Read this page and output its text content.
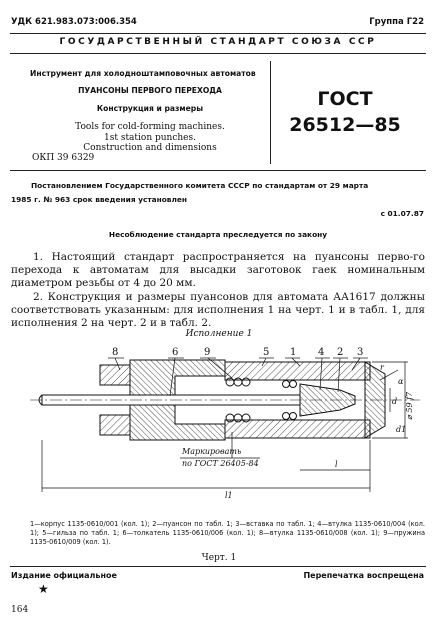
УДК 621.983.073:006.354	Группа Г22
ГОСУДАРСТВЕННЫЙ СТАНДАРТ СОЮЗА ССР
Инструмент для холодноштамповочных автоматов
ПУАНСОНЫ ПЕРВОГО ПЕРЕХОДА
Конструкция и размеры
Tools for cold-forming machines.
1st station punches.
Construction and dimensions
ГОСТ
26512—85
ОКП 39 6329
Постановлением Государственного комитета СССР по стандартам от 29 марта
1985 г. № 963 срок введения установлен
с 01.07.87
Несоблюдение стандарта преследуется по закону
1. Настоящий стандарт распространяется на пуансоны перво-го перехода к автоматам для высадки заготовок гаек номинальным диаметром резьбы от 4 до 20 мм.
2. Конструкция и размеры пуансонов для автомата АА1617 должны соответствовать указанным: для исполнения 1 на черт. 1 и в табл. 1, для исполнения 2 на черт. 2 и в табл. 2.
Исполнение 1
8	6	9	5 1 4 2 3
Маркировать
по ГОСТ 26405-84	l
l1
d
d1
⌀ 59 f7
α
r
1—корпус 1135-0610/001 (кол. 1); 2—пуансон по табл. 1; 3—вставка по табл. 1; 4—втулка 1135-0610/004 (кол. 1); 5—гильза по табл. 1; 6—толкатель 1135-0610/006 (кол. 1); 8—втулка 1135-0610/008 (кол. 1); 9—пружина 1135-0610/009 (кол. 1).
Черт. 1
Издание официальное
★
Перепечатка воспрещена
164
